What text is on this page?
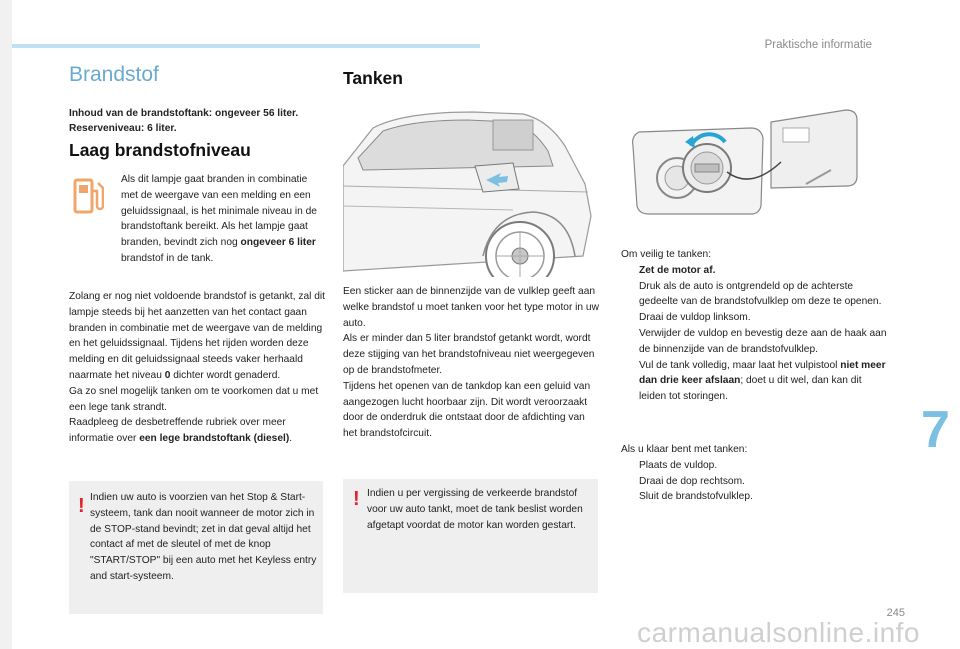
Praktische informatie
Brandstof
Inhoud van de brandstoftank: ongeveer 56 liter.
Reserveniveau: 6 liter.
Laag brandstofniveau
Als dit lampje gaat branden in combinatie met de weergave van een melding en een geluidssignaal, is het minimale niveau in de brandstoftank bereikt. Als het lampje gaat branden, bevindt zich nog ongeveer 6 liter brandstof in de tank.
Zolang er nog niet voldoende brandstof is getankt, zal dit lampje steeds bij het aanzetten van het contact gaan branden in combinatie met de weergave van de melding en het geluidssignaal. Tijdens het rijden worden deze melding en dit geluidssignaal steeds vaker herhaald naarmate het niveau 0 dichter wordt genaderd.
Ga zo snel mogelijk tanken om te voorkomen dat u met een lege tank strandt.
Raadpleeg de desbetreffende rubriek over meer informatie over een lege brandstoftank (diesel).
! Indien uw auto is voorzien van het Stop & Start-systeem, tank dan nooit wanneer de motor zich in de STOP-stand bevindt; zet in dat geval altijd het contact af met de sleutel of met de knop "START/STOP" bij een auto met het Keyless entry and start-systeem.
Tanken
Een sticker aan de binnenzijde van de vulklep geeft aan welke brandstof u moet tanken voor het type motor in uw auto.
Als er minder dan 5 liter brandstof getankt wordt, wordt deze stijging van het brandstofniveau niet weergegeven op de brandstofmeter.
Tijdens het openen van de tankdop kan een geluid van aangezogen lucht hoorbaar zijn. Dit wordt veroorzaakt door de onderdruk die ontstaat door de afdichting van het brandstofcircuit.
! Indien u per vergissing de verkeerde brandstof voor uw auto tankt, moet de tank beslist worden afgetapt voordat de motor kan worden gestart.
Om veilig te tanken:
Zet de motor af.
Druk als de auto is ontgrendeld op de achterste gedeelte van de brandstofvulklep om deze te openen.
Draai de vuldop linksom.
Verwijder de vuldop en bevestig deze aan de haak aan de binnenzijde van de brandstofvulklep.
Vul de tank volledig, maar laat het vulpistool niet meer dan drie keer afslaan; doet u dit wel, dan kan dit leiden tot storingen.
Als u klaar bent met tanken:
Plaats de vuldop.
Draai de dop rechtsom.
Sluit de brandstofvulklep.
7
245
carmanualsonline.info
